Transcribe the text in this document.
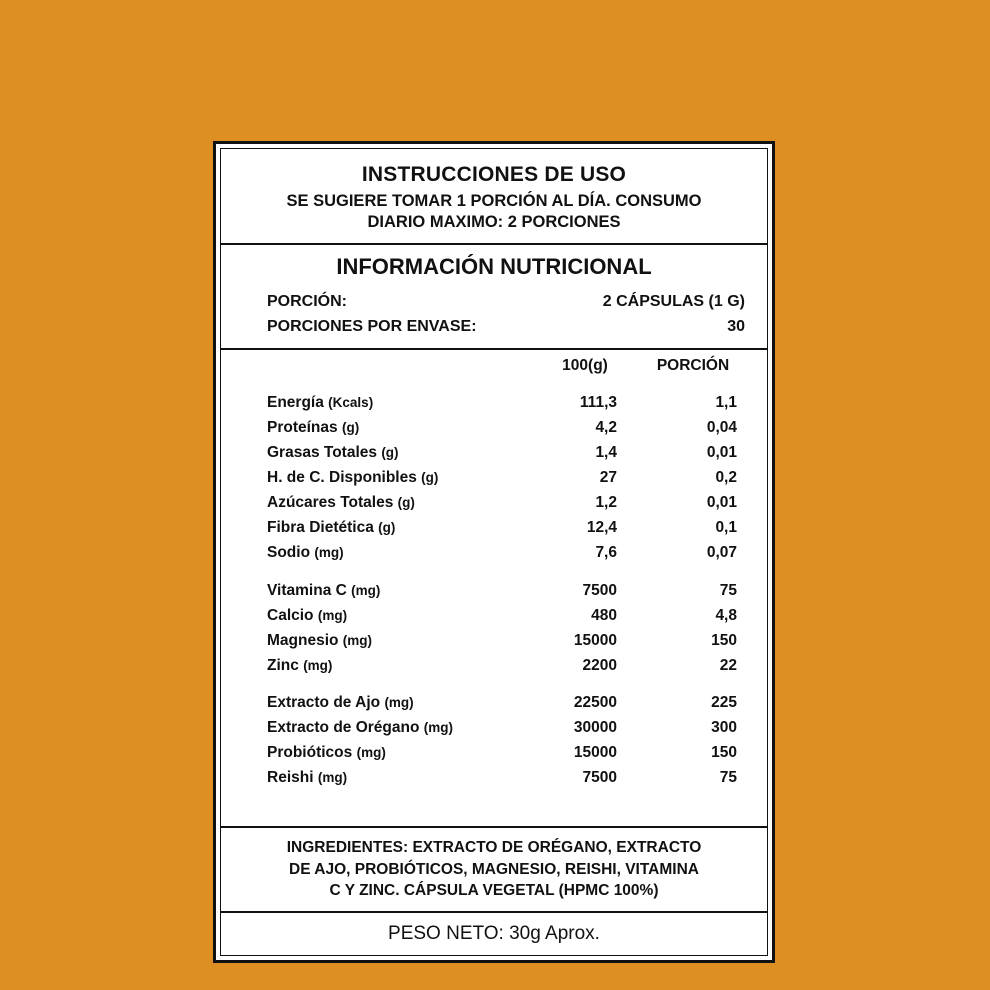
INSTRUCCIONES DE USO
SE SUGIERE TOMAR 1 PORCIÓN AL DÍA. CONSUMO
DIARIO MAXIMO: 2 PORCIONES
INFORMACIÓN NUTRICIONAL
PORCIÓN:	2 CÁPSULAS (1 G)
PORCIONES POR ENVASE:	30
100(g)	PORCIÓN
Energía (Kcals)	111,3	1,1
Proteínas (g)	4,2	0,04
Grasas Totales (g)	1,4	0,01
H. de C. Disponibles (g)	27	0,2
Azúcares Totales (g)	1,2	0,01
Fibra Dietética (g)	12,4	0,1
Sodio (mg)	7,6	0,07
Vitamina C (mg)	7500	75
Calcio (mg)	480	4,8
Magnesio (mg)	15000	150
Zinc (mg)	2200	22
Extracto de Ajo (mg)	22500	225
Extracto de Orégano (mg)	30000	300
Probióticos (mg)	15000	150
Reishi (mg)	7500	75
INGREDIENTES: EXTRACTO DE ORÉGANO, EXTRACTO
DE AJO, PROBIÓTICOS, MAGNESIO, REISHI, VITAMINA
C Y ZINC. CÁPSULA VEGETAL (HPMC 100%)
PESO NETO: 30g Aprox.
